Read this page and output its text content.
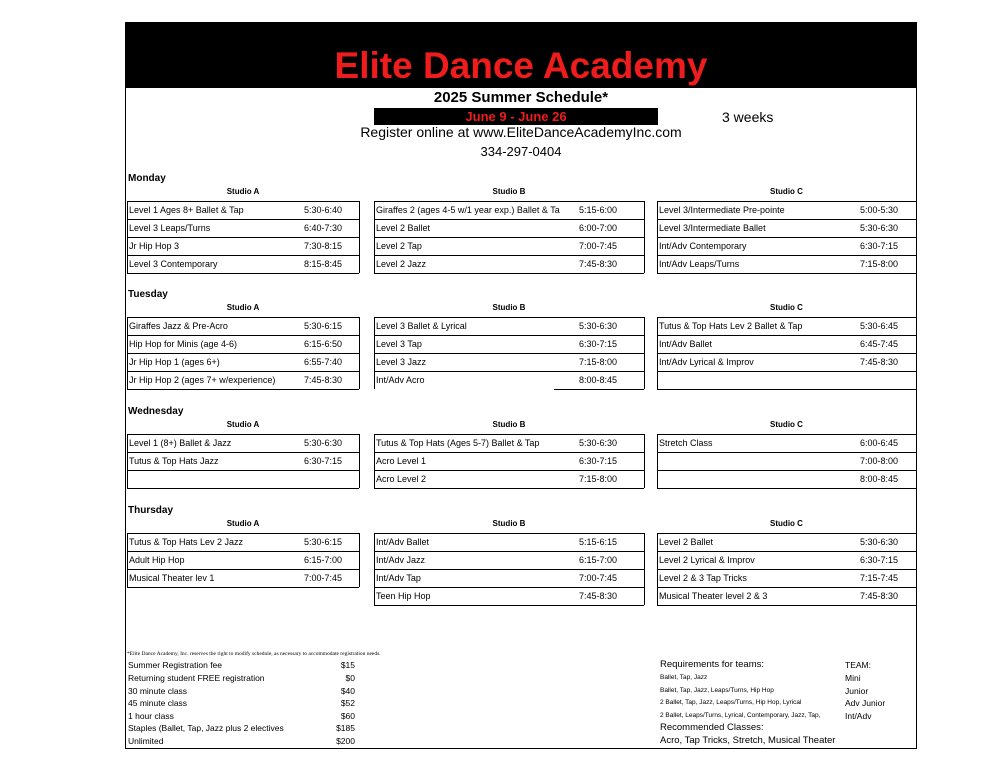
Elite Dance Academy
2025 Summer Schedule*
June 9 - June 26	3 weeks
Register online at www.EliteDanceAcademyInc.com
334-297-0404
Monday
Studio A
Level 1 Ages 8+ Ballet & Tap	5:30-6:40
Level 3 Leaps/Turns	6:40-7:30
Jr Hip Hop 3	7:30-8:15
Level 3 Contemporary	8:15-8:45
Studio B
Giraffes 2 (ages 4-5 w/1 year exp.) Ballet & Ta	5:15-6:00
Level 2 Ballet	6:00-7:00
Level 2 Tap	7:00-7:45
Level 2 Jazz	7:45-8:30
Studio C
Level 3/Intermediate Pre-pointe	5:00-5:30
Level 3/Intermediate Ballet	5:30-6:30
Int/Adv Contemporary	6:30-7:15
Int/Adv Leaps/Turns	7:15-8:00
Tuesday
Studio A
Giraffes Jazz & Pre-Acro	5:30-6:15
Hip Hop for Minis (age 4-6)	6:15-6:50
Jr Hip Hop 1 (ages 6+)	6:55-7:40
Jr Hip Hop 2 (ages 7+ w/experience)	7:45-8:30
Studio B
Level 3 Ballet & Lyrical	5:30-6:30
Level 3 Tap	6:30-7:15
Level 3 Jazz	7:15-8:00
Int/Adv Acro	8:00-8:45
Studio C
Tutus & Top Hats Lev 2 Ballet & Tap	5:30-6:45
Int/Adv Ballet	6:45-7:45
Int/Adv Lyrical & Improv	7:45-8:30
Wednesday
Studio A
Level 1 (8+) Ballet & Jazz	5:30-6:30
Tutus & Top Hats Jazz	6:30-7:15
Studio B
Tutus & Top Hats (Ages 5-7) Ballet & Tap	5:30-6:30
Acro Level 1	6:30-7:15
Acro Level 2	7:15-8:00
Studio C
Stretch Class	6:00-6:45
7:00-8:00
8:00-8:45
Thursday
Studio A
Tutus & Top Hats Lev 2 Jazz	5:30-6:15
Adult Hip Hop	6:15-7:00
Musical Theater lev 1	7:00-7:45
Studio B
Int/Adv Ballet	5:15-6:15
Int/Adv Jazz	6:15-7:00
Int/Adv Tap	7:00-7:45
Teen Hip Hop	7:45-8:30
Studio C
Level 2 Ballet	5:30-6:30
Level 2 Lyrical & Improv	6:30-7:15
Level 2 & 3 Tap Tricks	7:15-7:45
Musical Theater level 2 & 3	7:45-8:30
*Elite Dance Academy, Inc. reserves the right to modify schedule, as necessary to accommodate registration needs.
Summer Registration fee	$15
Returning student FREE registration	$0
30 minute class	$40
45 minute class	$52
1 hour class	$60
Staples (Ballet, Tap, Jazz plus 2 electives	$185
Unlimited	$200
Requirements for teams:	TEAM:
Ballet, Tap, Jazz	Mini
Ballet, Tap, Jazz, Leaps/Turns, Hip Hop	Junior
2 Ballet, Tap, Jazz, Leaps/Turns, Hip Hop, Lyrical	Adv Junior
2 Ballet, Leaps/Turns, Lyrical, Contemporary, Jazz, Tap,	Int/Adv
Recommended Classes:
Acro, Tap Tricks, Stretch, Musical Theater
